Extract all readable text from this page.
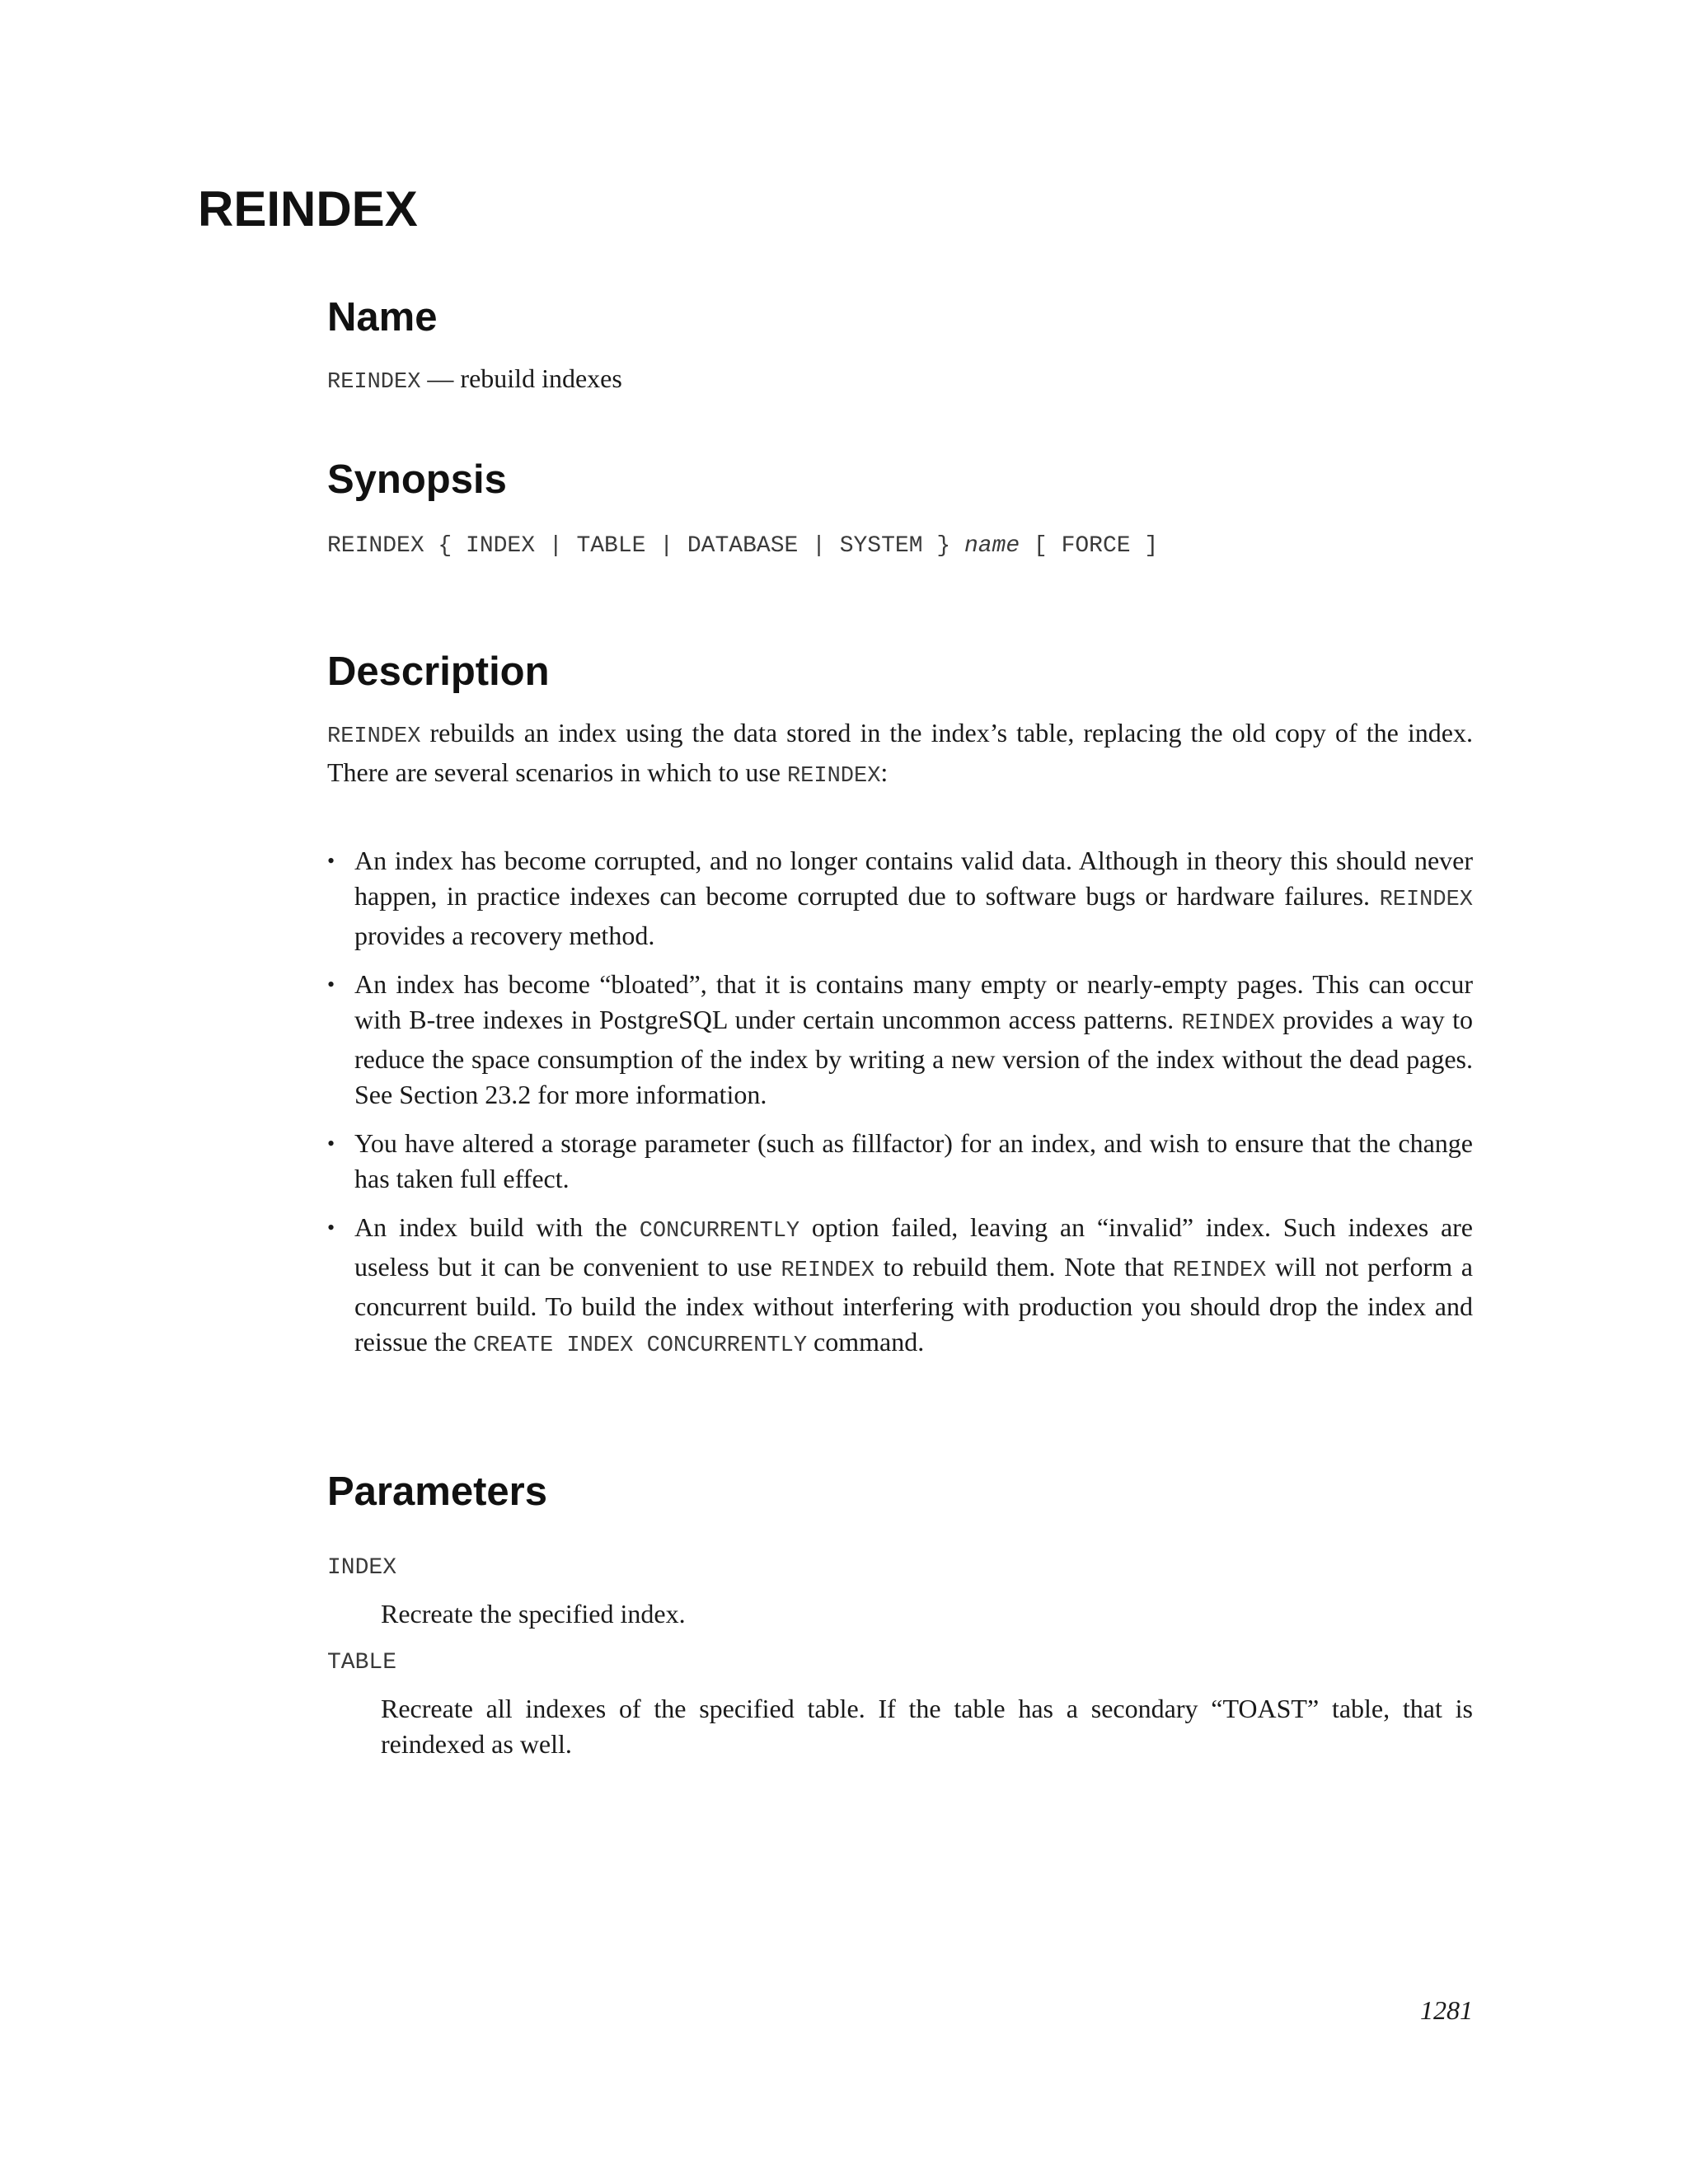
REINDEX
Name
REINDEX — rebuild indexes
Synopsis
REINDEX { INDEX | TABLE | DATABASE | SYSTEM } name [ FORCE ]
Description

REINDEX rebuilds an index using the data stored in the index’s table, replacing the old copy of the index. There are several scenarios in which to use REINDEX:

• An index has become corrupted, and no longer contains valid data. Although in theory this should never happen, in practice indexes can become corrupted due to software bugs or hardware failures. REINDEX provides a recovery method.
• An index has become “bloated”, that it is contains many empty or nearly-empty pages. This can occur with B-tree indexes in PostgreSQL under certain uncommon access patterns. REINDEX provides a way to reduce the space consumption of the index by writing a new version of the index without the dead pages. See Section 23.2 for more information.
• You have altered a storage parameter (such as fillfactor) for an index, and wish to ensure that the change has taken full effect.
• An index build with the CONCURRENTLY option failed, leaving an “invalid” index. Such indexes are useless but it can be convenient to use REINDEX to rebuild them. Note that REINDEX will not perform a concurrent build. To build the index without interfering with production you should drop the index and reissue the CREATE INDEX CONCURRENTLY command.
Parameters
INDEX
Recreate the specified index.
TABLE
Recreate all indexes of the specified table. If the table has a secondary “TOAST” table, that is reindexed as well.
1281
